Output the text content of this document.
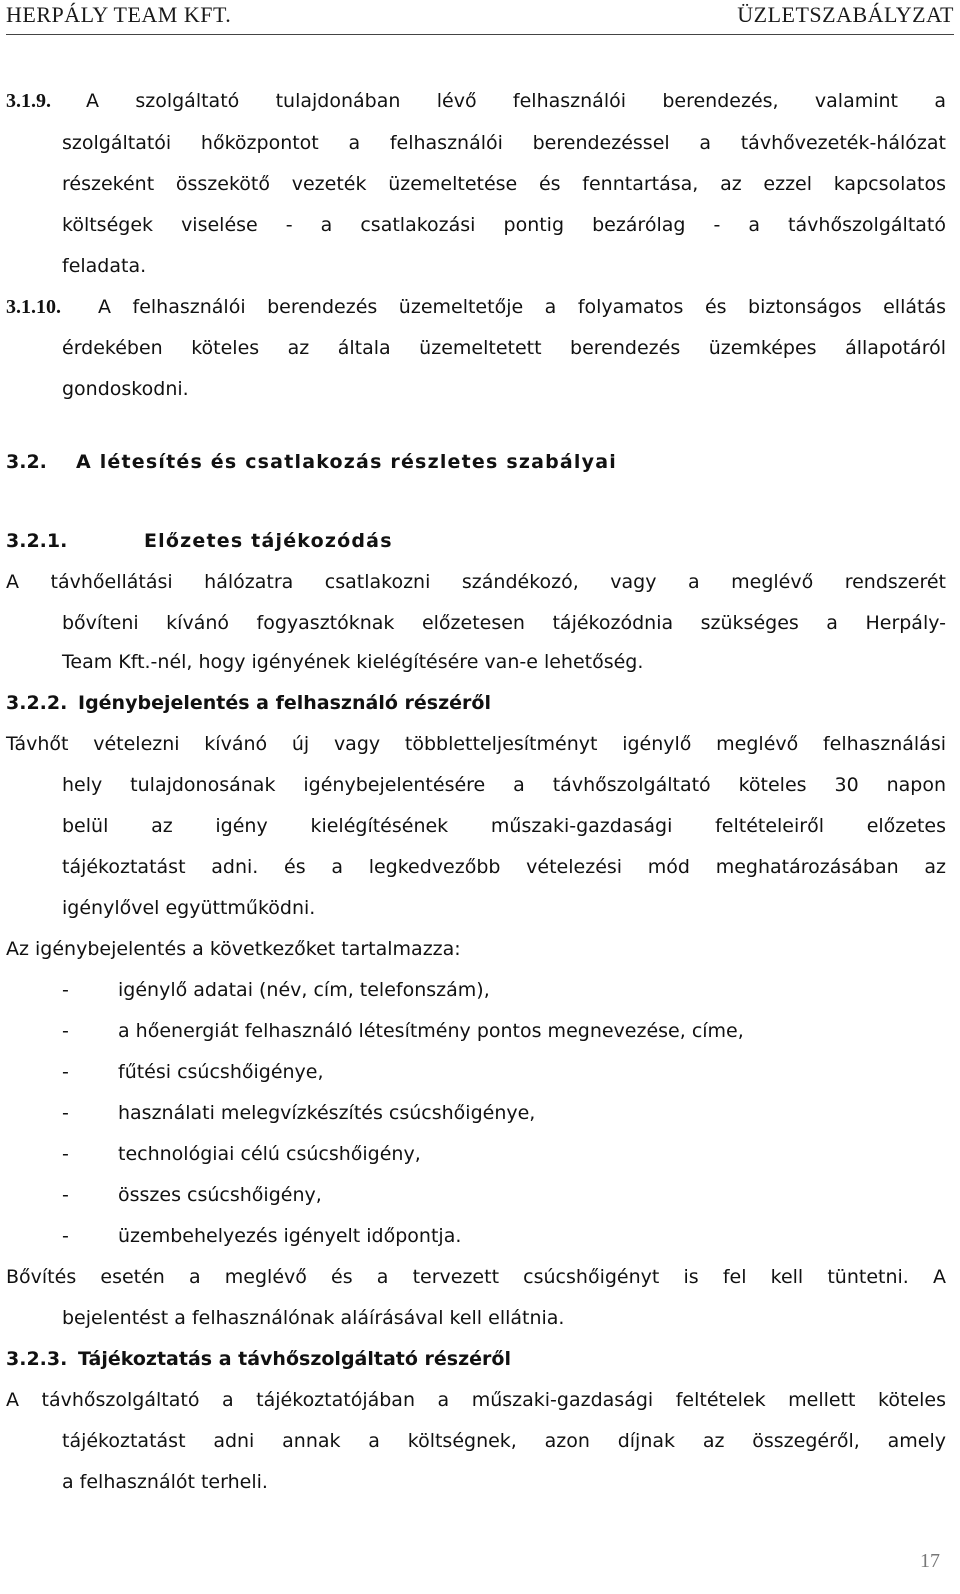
HERPÁLY TEAM KFT.	ÜZLETSZABÁLYZAT
3.1.9. A szolgáltató tulajdonában lévő felhasználói berendezés, valamint a
szolgáltatói hőközpontot a felhasználói berendezéssel a távhővezeték-hálózat
részeként összekötő vezeték üzemeltetése és fenntartása, az ezzel kapcsolatos
költségek viselése - a csatlakozási pontig bezárólag - a távhőszolgáltató
feladata.
3.1.10. A felhasználói berendezés üzemeltetője a folyamatos és biztonságos ellátás
érdekében köteles az általa üzemeltetett berendezés üzemképes állapotáról
gondoskodni.
3.2. A létesítés és csatlakozás részletes szabályai
3.2.1.	Előzetes tájékozódás
A távhőellátási hálózatra csatlakozni szándékozó, vagy a meglévő rendszerét
bővíteni kívánó fogyasztóknak előzetesen tájékozódnia szükséges a Herpály-
Team Kft.-nél, hogy igényének kielégítésére van-e lehetőség.
3.2.2. Igénybejelentés a felhasználó részéről
Távhőt vételezni kívánó új vagy többletteljesítményt igénylő meglévő felhasználási
hely tulajdonosának igénybejelentésére a távhőszolgáltató köteles 30 napon
belül az igény kielégítésének műszaki-gazdasági feltételeiről előzetes
tájékoztatást adni. és a legkedvezőbb vételezési mód meghatározásában az
igénylővel együttműködni.
Az igénybejelentés a következőket tartalmazza:
-	igénylő adatai (név, cím, telefonszám),
-	a hőenergiát felhasználó létesítmény pontos megnevezése, címe,
-	fűtési csúcshőigénye,
-	használati melegvízkészítés csúcshőigénye,
-	technológiai célú csúcshőigény,
-	összes csúcshőigény,
-	üzembehelyezés igényelt időpontja.
Bővítés esetén a meglévő és a tervezett csúcshőigényt is fel kell tüntetni. A
bejelentést a felhasználónak aláírásával kell ellátnia.
3.2.3. Tájékoztatás a távhőszolgáltató részéről
A távhőszolgáltató a tájékoztatójában a műszaki-gazdasági feltételek mellett köteles
tájékoztatást adni annak a költségnek, azon díjnak az összegéről, amely
a felhasználót terheli.
17
